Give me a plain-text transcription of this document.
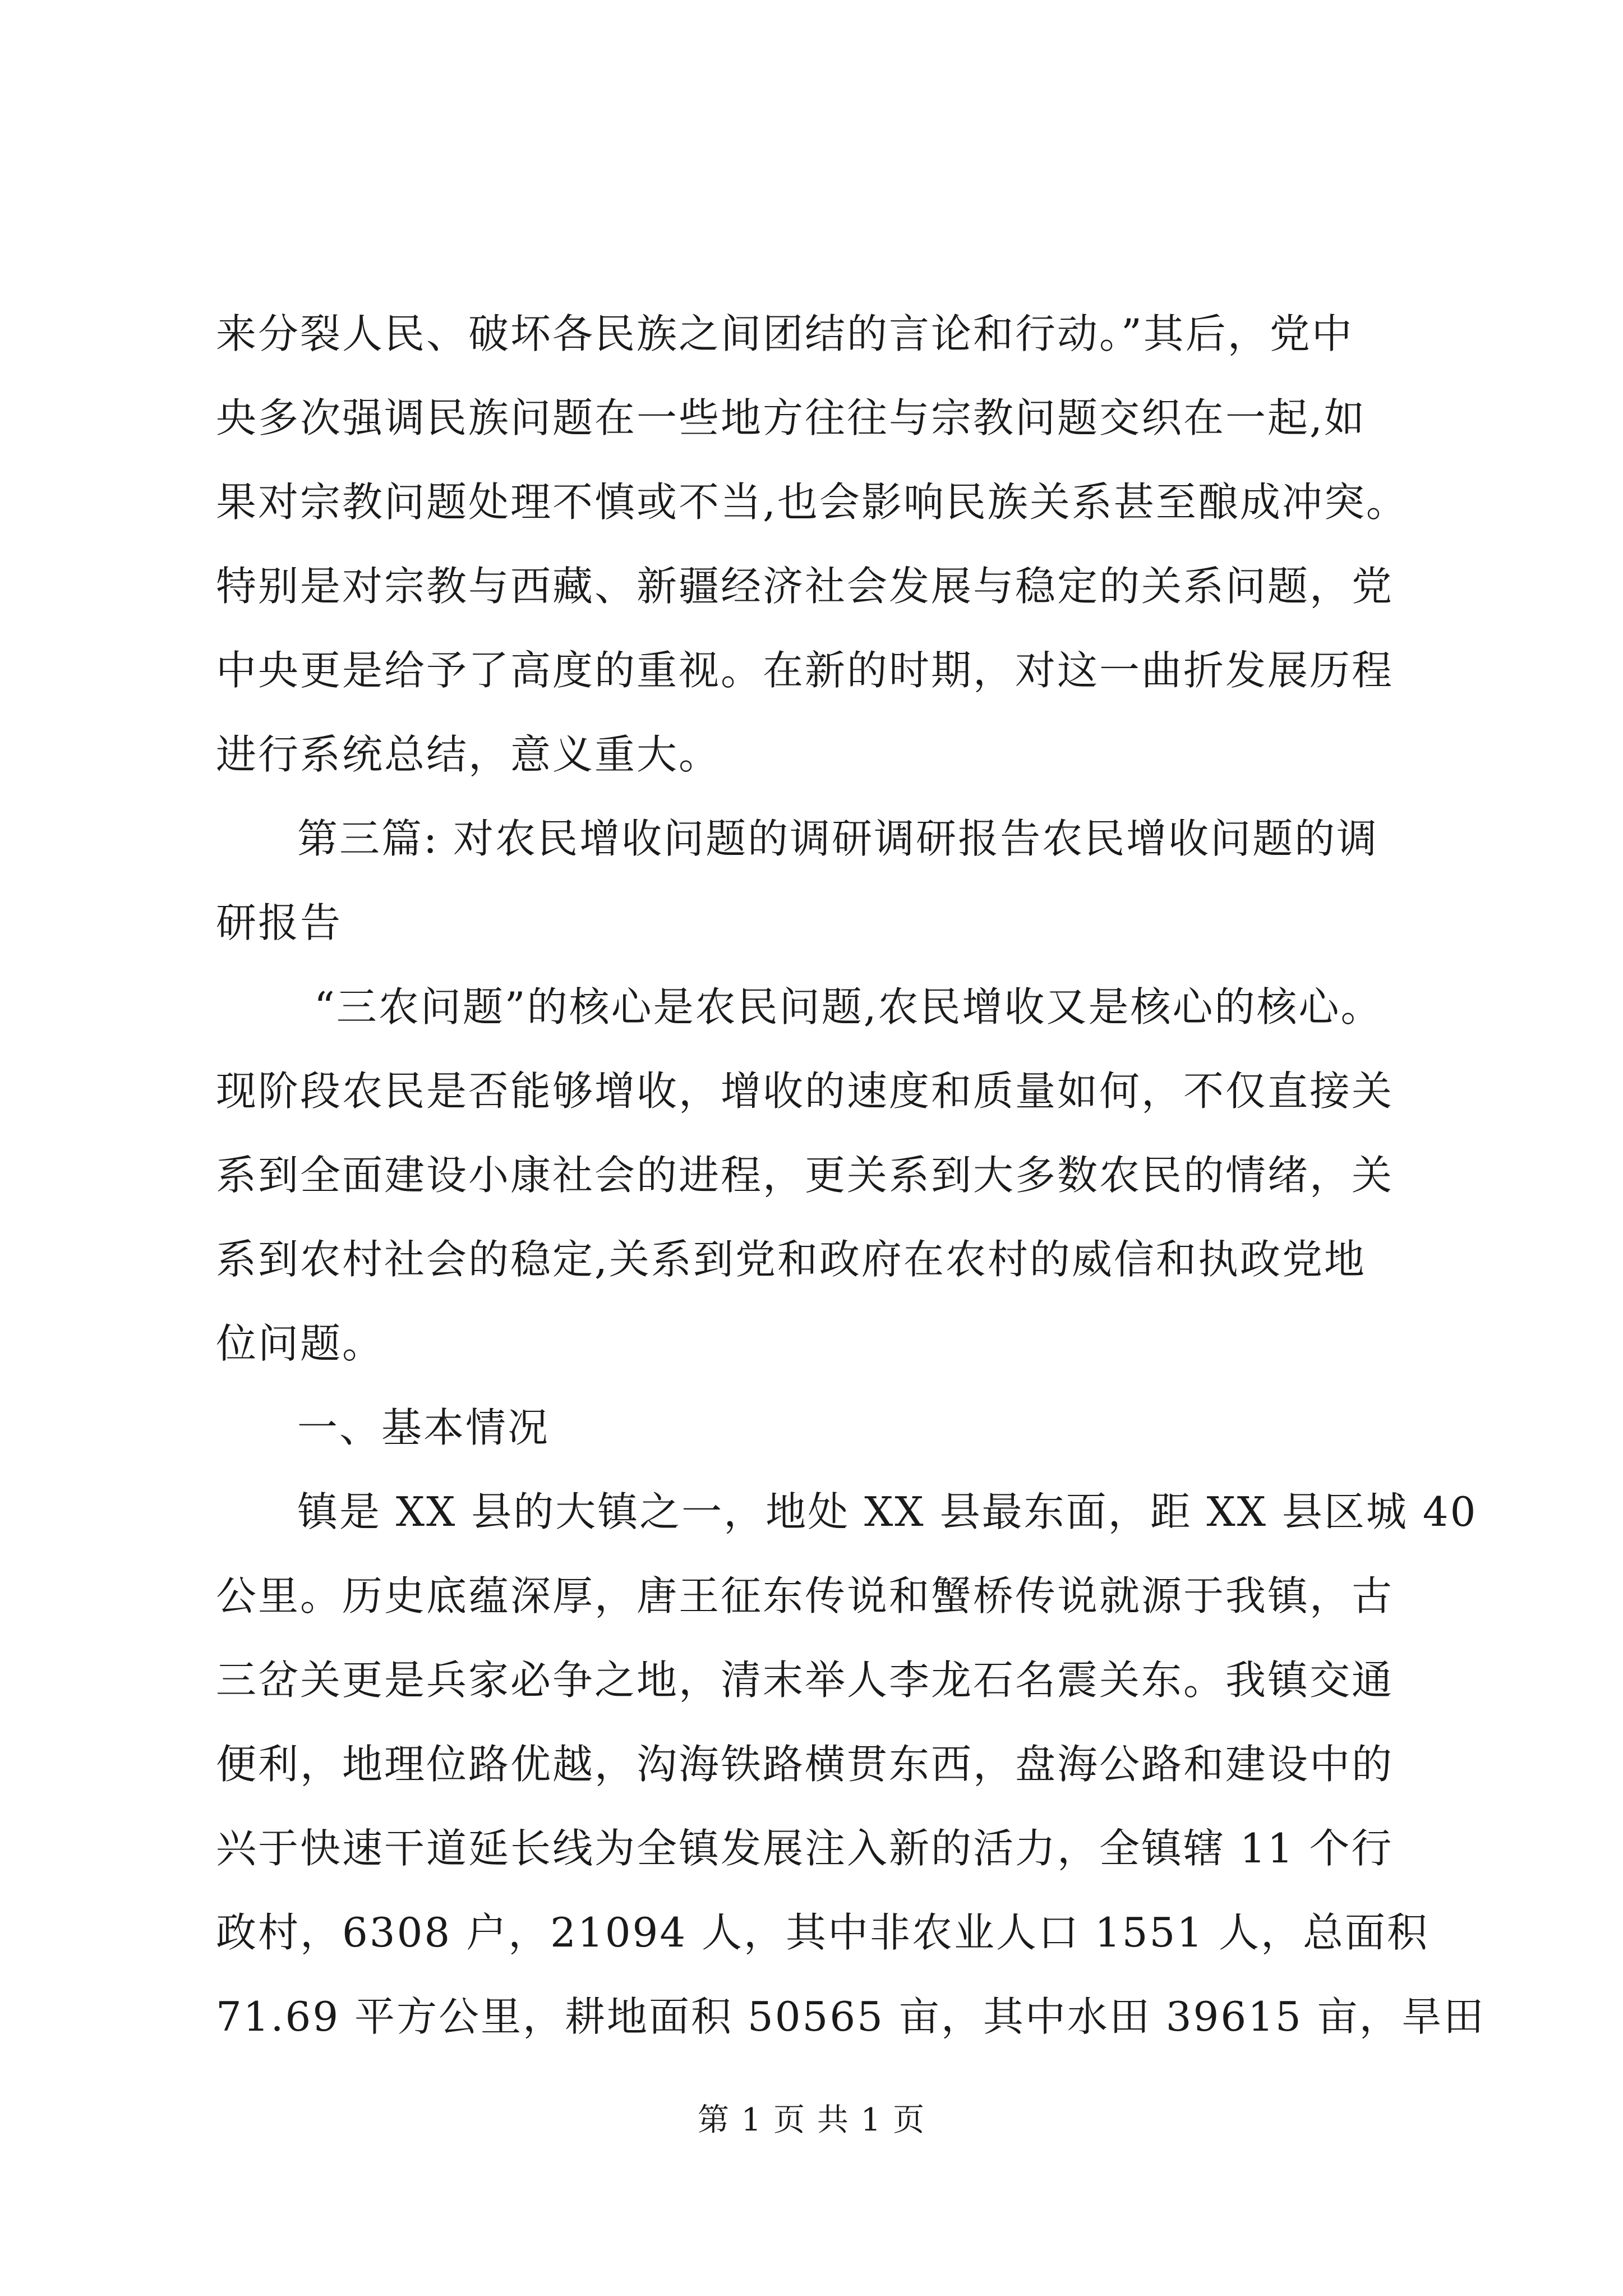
来分裂人民、破坏各民族之间团结的言论和行动。”其后，党中
央多次强调民族问题在一些地方往往与宗教问题交织在一起,如
果对宗教问题处理不慎或不当,也会影响民族关系甚至酿成冲突。
特别是对宗教与西藏、新疆经济社会发展与稳定的关系问题，党
中央更是给予了高度的重视。在新的时期，对这一曲折发展历程
进行系统总结，意义重大。
第三篇: 对农民增收问题的调研调研报告农民增收问题的调
研报告
“三农问题”的核心是农民问题,农民增收又是核心的核心。
现阶段农民是否能够增收，增收的速度和质量如何，不仅直接关
系到全面建设小康社会的进程，更关系到大多数农民的情绪，关
系到农村社会的稳定,关系到党和政府在农村的威信和执政党地
位问题。
一、基本情况
镇是 XX 县的大镇之一，地处 XX 县最东面，距 XX 县区城 40
公里。历史底蕴深厚，唐王征东传说和蟹桥传说就源于我镇，古
三岔关更是兵家必争之地，清末举人李龙石名震关东。我镇交通
便利，地理位路优越，沟海铁路横贯东西，盘海公路和建设中的
兴于快速干道延长线为全镇发展注入新的活力，全镇辖 11 个行
政村，6308 户，21094 人，其中非农业人口 1551 人，总面积
71.69 平方公里，耕地面积 50565 亩，其中水田 39615 亩，旱田
第 1 页 共 1 页
